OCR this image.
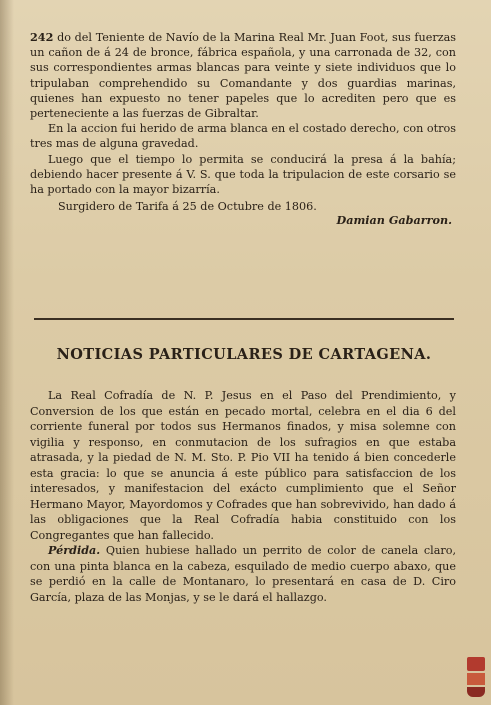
242 do del Teniente de Navío de la Marina Real Mr. Juan Foot, sus fuerzas un cañon de á 24 de bronce, fábrica española, y una carronada de 32, con sus correspondientes armas blancas para veinte y siete individuos que lo tripulaban comprehendido su Comandante y dos guardias marinas, quienes han expuesto no tener papeles que lo acrediten pero que es perteneciente a las fuerzas de Gibraltar.

En la accion fui herido de arma blanca en el costado derecho, con otros tres mas de alguna gravedad.

Luego que el tiempo lo permita se conducirá la presa á la bahía; debiendo hacer presente á V. S. que toda la tripulacion de este corsario se ha portado con la mayor bizarría.

Surgidero de Tarifa á 25 de Octubre de 1806.

Damian Gabarron.

NOTICIAS PARTICULARES DE CARTAGENA.

La Real Cofradía de N. P. Jesus en el Paso del Prendimiento, y Conversion de los que están en pecado mortal, celebra en el dia 6 del corriente funeral por todos sus Hermanos finados, y misa solemne con vigilia y responso, en conmutacion de los sufragios en que estaba atrasada, y la piedad de N. M. Sto. P. Pio VII ha tenido á bien concederle esta gracia: lo que se anuncia á este público para satisfaccion de los interesados, y manifestacion del exácto cumplimiento que el Señor Hermano Mayor, Mayordomos y Cofrades que han sobrevivido, han dado á las obligaciones que la Real Cofradía habia constituido con los Congregantes que han fallecido.

Pérdida. Quien hubiese hallado un perrito de color de canela claro, con una pinta blanca en la cabeza, esquilado de medio cuerpo abaxo, que se perdió en la calle de Montanaro, lo presentará en casa de D. Ciro García, plaza de las Monjas, y se le dará el hallazgo.
